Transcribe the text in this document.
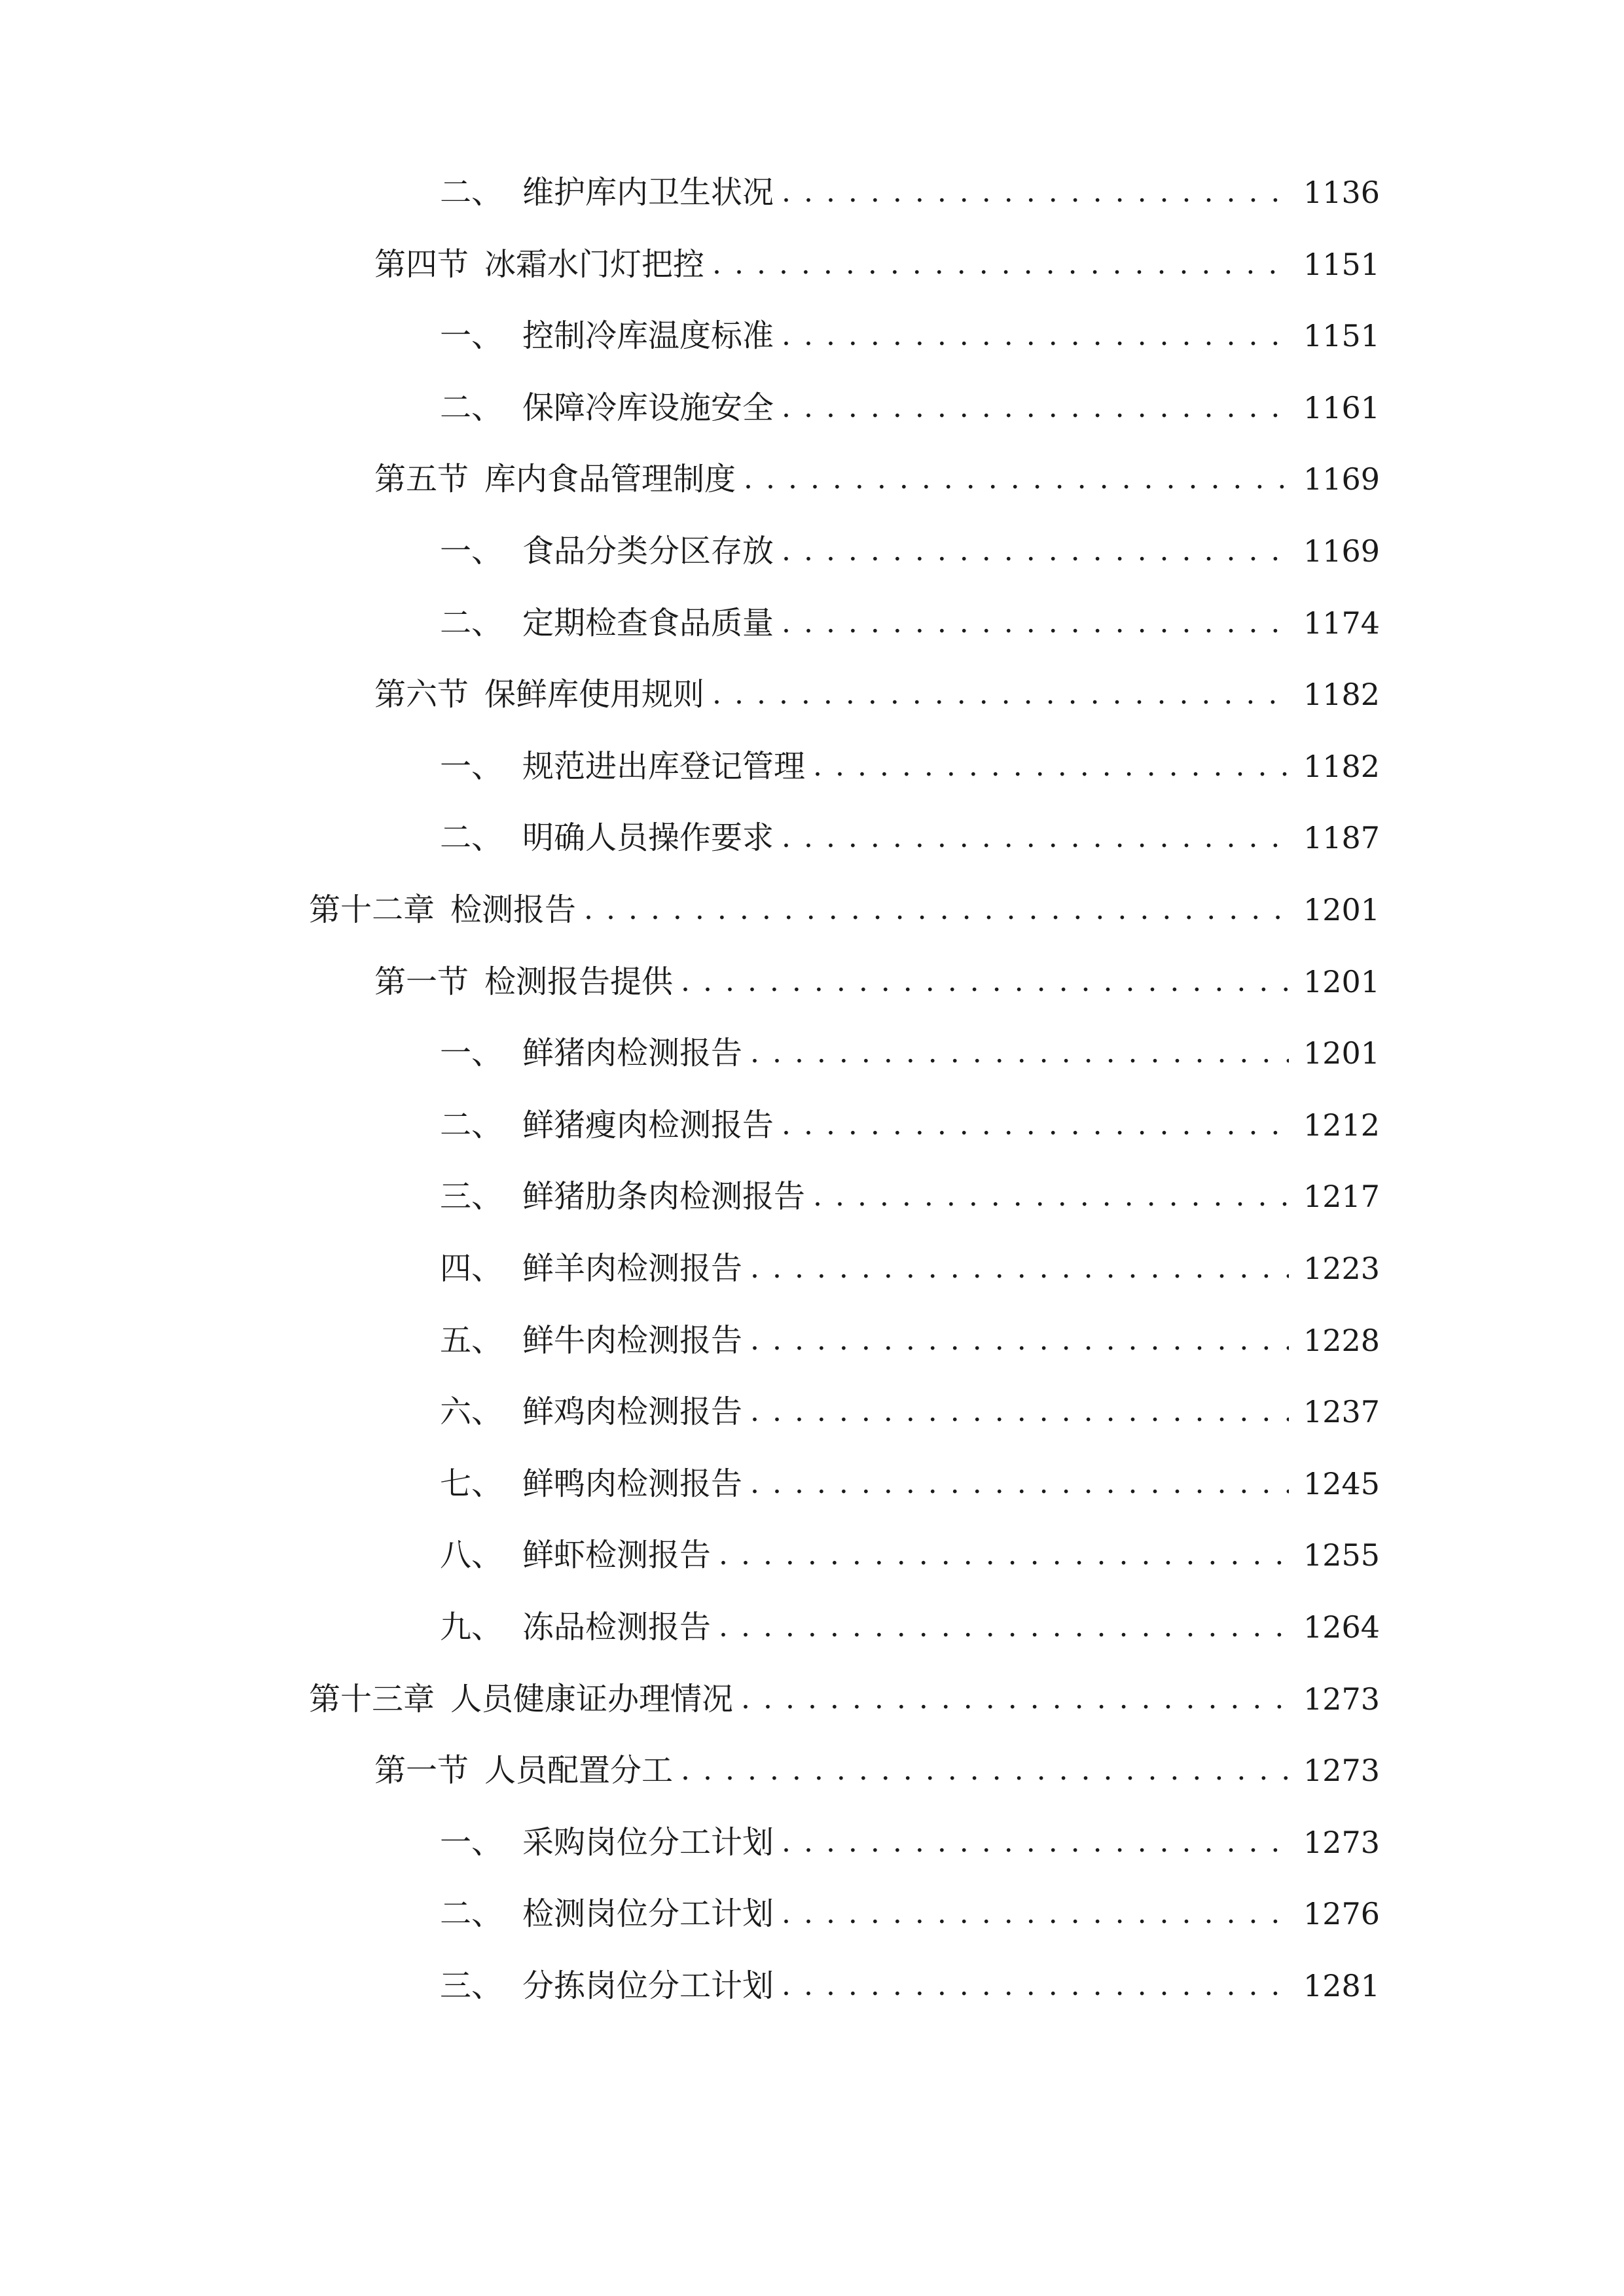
二、 维护库内卫生状况 . . .	1136
第四节 冰霜水门灯把控 . . .	1151
一、 控制冷库温度标准 . . .	1151
二、 保障冷库设施安全 . . .	1161
第五节 库内食品管理制度 . . .	1169
一、 食品分类分区存放 . . .	1169
二、 定期检查食品质量 . . .	1174
第六节 保鲜库使用规则 . . .	1182
一、 规范进出库登记管理 . . .	1182
二、 明确人员操作要求 . . .	1187
第十二章 检测报告 . . .	1201
第一节 检测报告提供 . . .	1201
一、 鲜猪肉检测报告 . . .	1201
二、 鲜猪瘦肉检测报告 . . .	1212
三、 鲜猪肋条肉检测报告 . . .	1217
四、 鲜羊肉检测报告 . . .	1223
五、 鲜牛肉检测报告 . . .	1228
六、 鲜鸡肉检测报告 . . .	1237
七、 鲜鸭肉检测报告 . . .	1245
八、 鲜虾检测报告 . . .	1255
九、 冻品检测报告 . . .	1264
第十三章 人员健康证办理情况 . . .	1273
第一节 人员配置分工 . . .	1273
一、 采购岗位分工计划 . . .	1273
二、 检测岗位分工计划 . . .	1276
三、 分拣岗位分工计划 . . .	1281
